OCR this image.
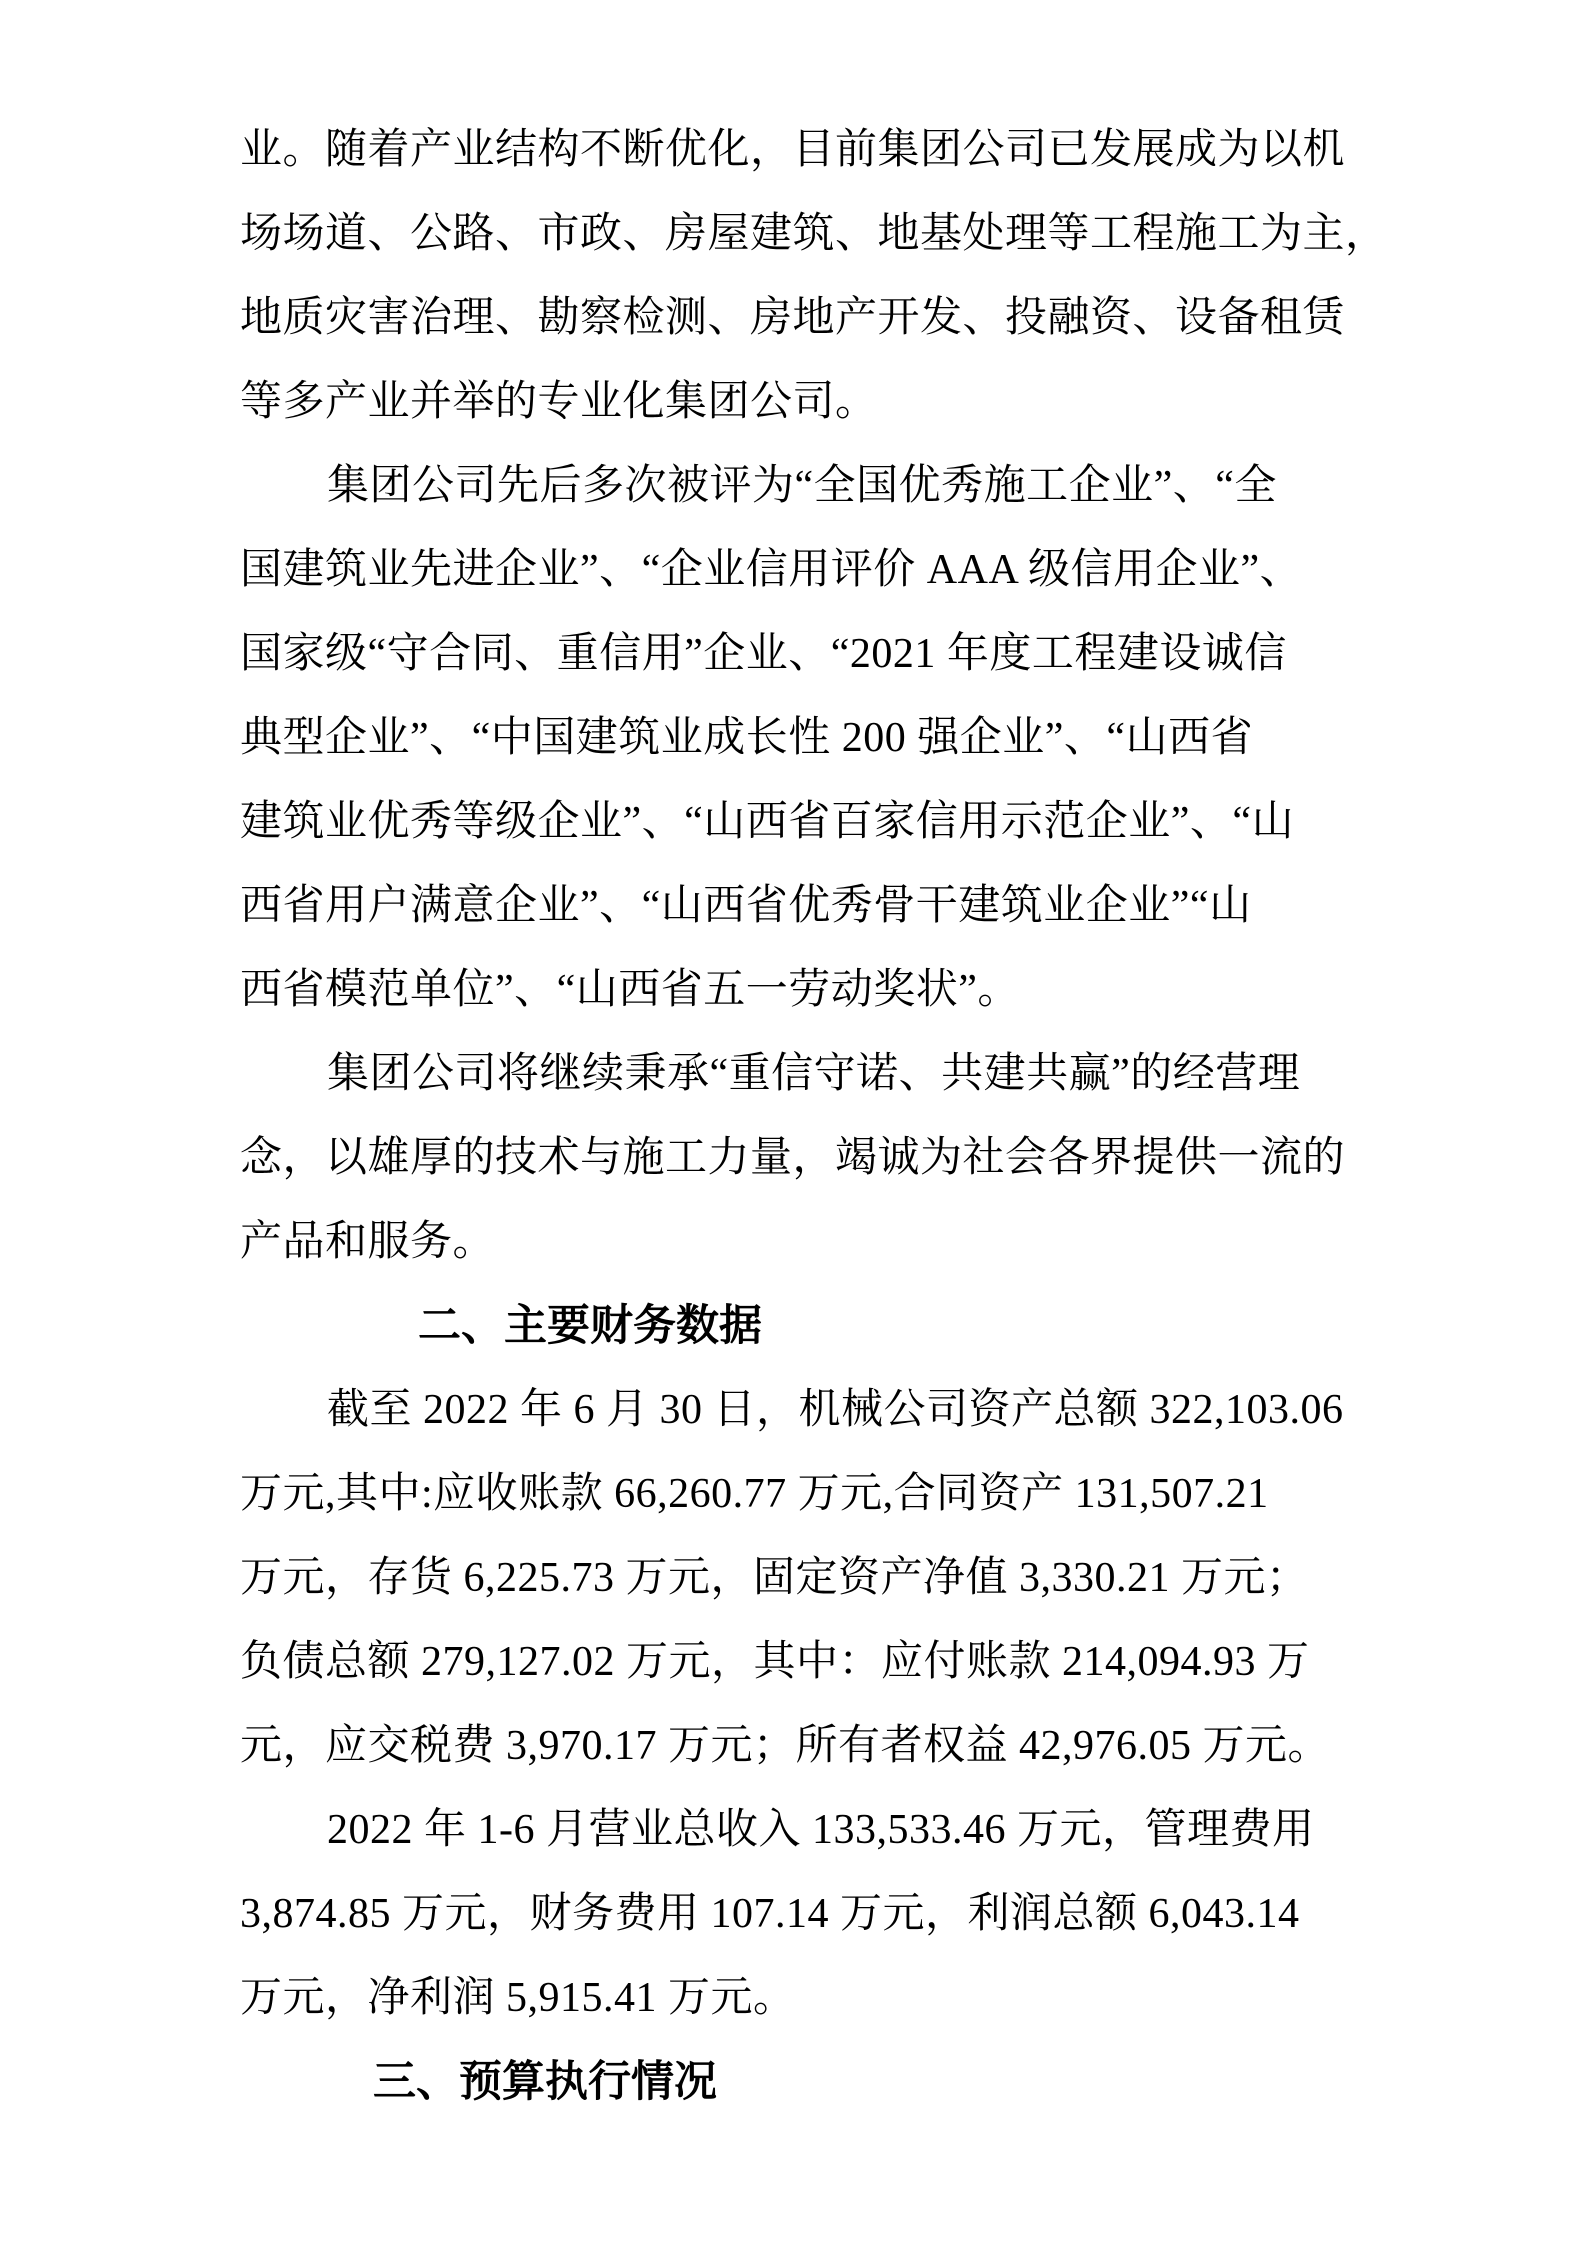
业。随着产业结构不断优化，目前集团公司已发展成为以机
场场道、公路、市政、房屋建筑、地基处理等工程施工为主，
地质灾害治理、勘察检测、房地产开发、投融资、设备租赁
等多产业并举的专业化集团公司。
集团公司先后多次被评为“全国优秀施工企业”、“全
国建筑业先进企业”、“企业信用评价 AAA 级信用企业”、
国家级“守合同、重信用”企业、“2021 年度工程建设诚信
典型企业”、“中国建筑业成长性 200 强企业”、“山西省
建筑业优秀等级企业”、“山西省百家信用示范企业”、“山
西省用户满意企业”、“山西省优秀骨干建筑业企业”“山
西省模范单位”、“山西省五一劳动奖状”。
集团公司将继续秉承“重信守诺、共建共赢”的经营理
念，以雄厚的技术与施工力量，竭诚为社会各界提供一流的
产品和服务。
二、主要财务数据
截至 2022 年 6 月 30 日，机械公司资产总额 322,103.06
万元,其中:应收账款 66,260.77 万元,合同资产 131,507.21
万元，存货 6,225.73 万元，固定资产净值 3,330.21 万元；
负债总额 279,127.02 万元，其中：应付账款 214,094.93 万
元，应交税费 3,970.17 万元；所有者权益 42,976.05 万元。
2022 年 1-6 月营业总收入 133,533.46 万元，管理费用
3,874.85 万元，财务费用 107.14 万元，利润总额 6,043.14
万元，净利润 5,915.41 万元。
三、预算执行情况
